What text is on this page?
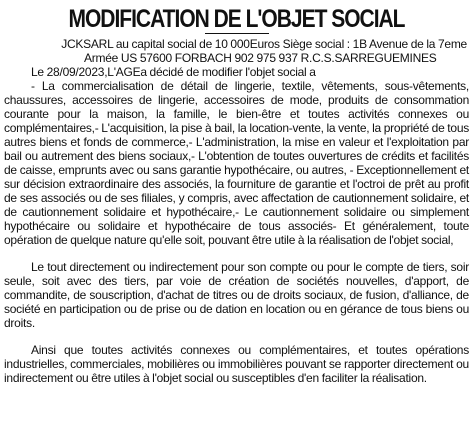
MODIFICATION DE L'OBJET SOCIAL
JCKSARL au capital social de 10 000Euros Siège social : 1B Avenue de la 7eme
Armée US 57600 FORBACH 902 975 937 R.C.S.SARREGUEMINES
Le 28/09/2023,L'AGEa décidé de modifier l'objet social a

- La commercialisation de détail de lingerie, textile, vêtements, sous-vêtements, chaussures, accessoires de lingerie, accessoires de mode, produits de consommation courante pour la maison, la famille, le bien-être et toutes activités connexes ou complémentaires,- L'acquisition, la pise à bail, la location-vente, la vente, la propriété de tous autres biens et fonds de commerce,- L'administration, la mise en valeur et l'exploitation par bail ou autrement des biens sociaux,- L'obtention de toutes ouvertures de crédits et facilités de caisse, emprunts avec ou sans garantie hypothécaire, ou autres, - Exceptionnellement et sur décision extraordinaire des associés, la fourniture de garantie et l'octroi de prêt au profit de ses associés ou de ses filiales, y compris, avec affectation de cautionnement solidaire, et de cautionnement solidaire et hypothécaire,- Le cautionnement solidaire ou simplement hypothécaire ou solidaire et hypothécaire de tous associés- Et généralement, toute opération de quelque nature qu'elle soit, pouvant être utile à la réalisation de l'objet social,

Le tout directement ou indirectement pour son compte ou pour le compte de tiers, soir seule, soit avec des tiers, par voie de création de sociétés nouvelles, d'apport, de commandite, de souscription, d'achat de titres ou de droits sociaux, de fusion, d'alliance, de société en participation ou de prise ou de dation en location ou en gérance de tous biens ou droits.

Ainsi que toutes activités connexes ou complémentaires, et toutes opérations industrielles, commerciales, mobilières ou immobilières pouvant se rapporter directement ou indirectement ou être utiles à l'objet social ou susceptibles d'en faciliter la réalisation.
